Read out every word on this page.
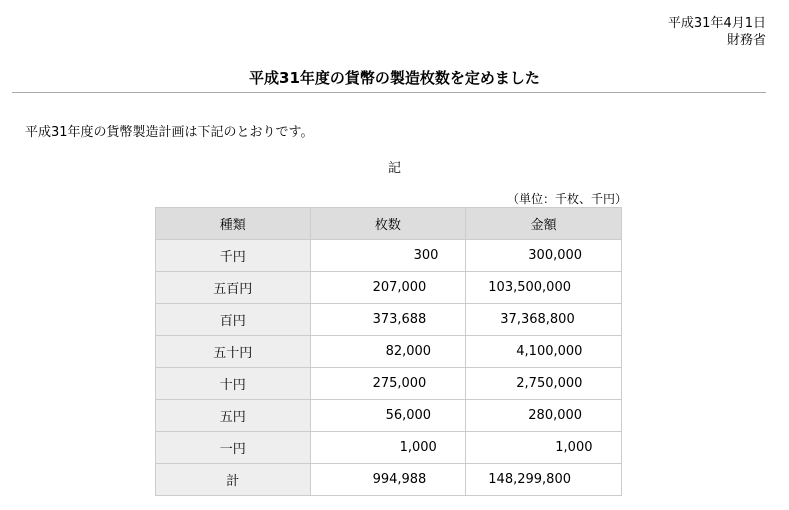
平成31年4月1日
財務省
平成31年度の貨幣の製造枚数を定めました
平成31年度の貨幣製造計画は下記のとおりです。
記
（単位：千枚、千円）
種類	枚数	金額
千円	300	300,000
五百円	207,000	103,500,000
百円	373,688	37,368,800
五十円	82,000	4,100,000
十円	275,000	2,750,000
五円	56,000	280,000
一円	1,000	1,000
計	994,988	148,299,800
